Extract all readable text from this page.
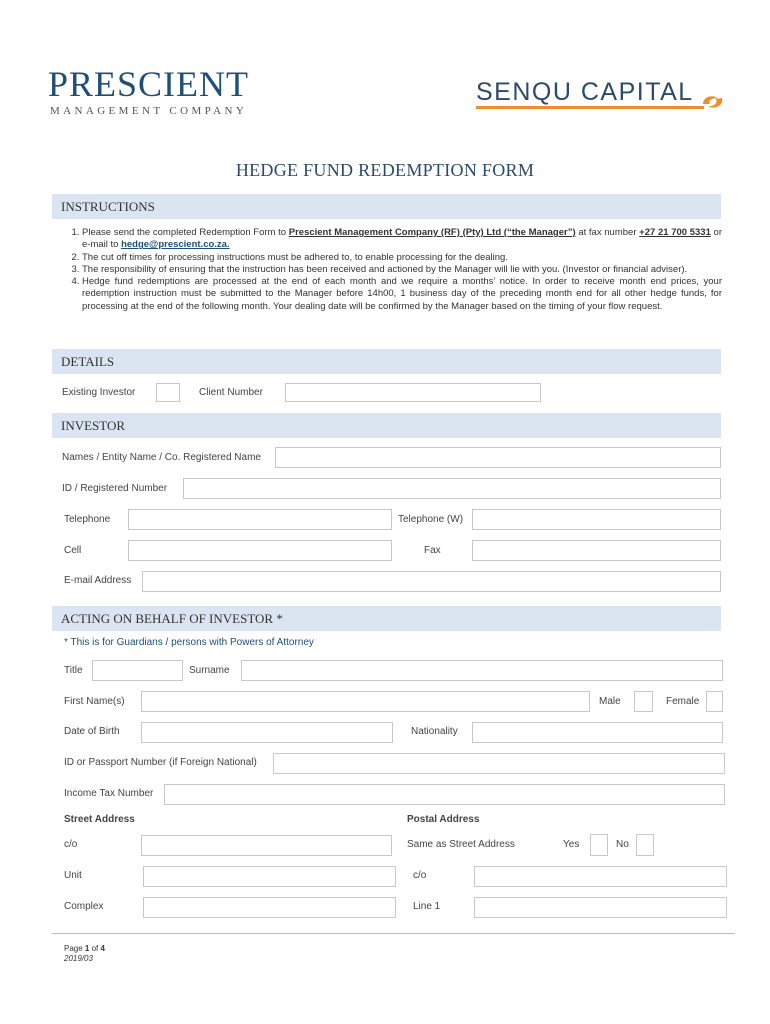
PRESCIENT
MANAGEMENT COMPANY
SENQU CAPITAL
HEDGE FUND REDEMPTION FORM
INSTRUCTIONS
1. Please send the completed Redemption Form to Prescient Management Company (RF) (Pty) Ltd (“the Manager”) at fax number +27 21 700 5331 or e-mail to hedge@prescient.co.za.
2. The cut off times for processing instructions must be adhered to, to enable processing for the dealing.
3. The responsibility of ensuring that the instruction has been received and actioned by the Manager will lie with you. (Investor or financial adviser).
4. Hedge fund redemptions are processed at the end of each month and we require a months’ notice. In order to receive month end prices, your redemption instruction must be submitted to the Manager before 14h00, 1 business day of the preceding month end for all other hedge funds, for processing at the end of the following month. Your dealing date will be confirmed by the Manager based on the timing of your flow request.
DETAILS
Existing Investor	Client Number
INVESTOR
Names / Entity Name / Co. Registered Name
ID / Registered Number
Telephone	Telephone (W)
Cell	Fax
E-mail Address
ACTING ON BEHALF OF INVESTOR *
* This is for Guardians / persons with Powers of Attorney
Title	Surname
First Name(s)	Male	Female
Date of Birth	Nationality
ID or Passport Number (if Foreign National)
Income Tax Number
Street Address	Postal Address
c/o	Same as Street Address	Yes	No
Unit	c/o
Complex	Line 1
Page 1 of 4
2019/03
